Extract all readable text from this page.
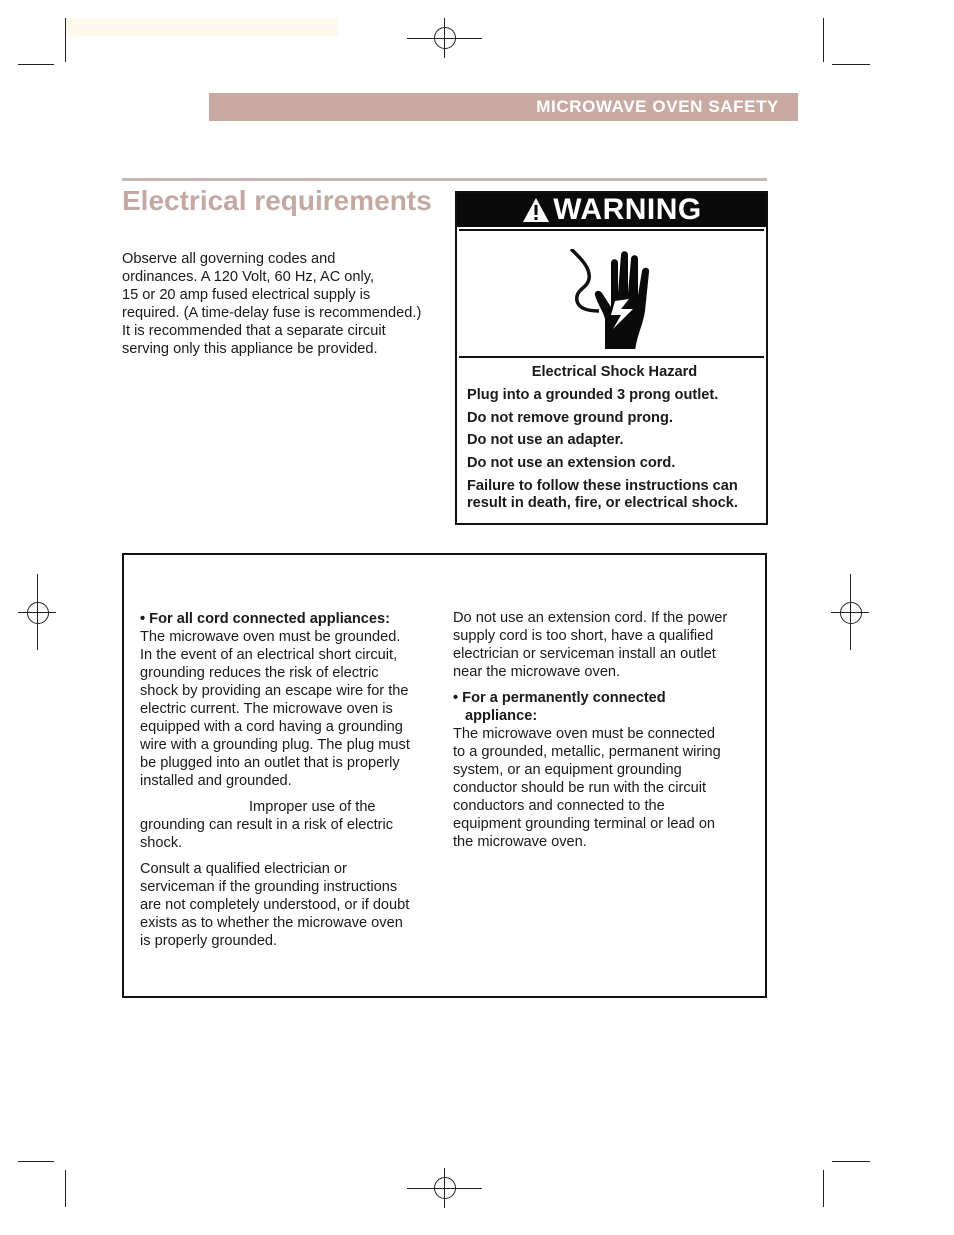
MICROWAVE OVEN SAFETY
Electrical requirements
Observe all governing codes and
ordinances. A 120 Volt, 60 Hz, AC only,
15 or 20 amp fused electrical supply is
required. (A time-delay fuse is recommended.)
It is recommended that a separate circuit
serving only this appliance be provided.
WARNING

Electrical Shock Hazard

Plug into a grounded 3 prong outlet.

Do not remove ground prong.

Do not use an adapter.

Do not use an extension cord.

Failure to follow these instructions can result in death, fire, or electrical shock.

• For all cord connected appliances:
The microwave oven must be grounded.
In the event of an electrical short circuit,
grounding reduces the risk of electric
shock by providing an escape wire for the
electric current. The microwave oven is
equipped with a cord having a grounding
wire with a grounding plug. The plug must
be plugged into an outlet that is properly
installed and grounded.

Improper use of the
grounding can result in a risk of electric
shock.

Consult a qualified electrician or
serviceman if the grounding instructions
are not completely understood, or if doubt
exists as to whether the microwave oven
is properly grounded.

Do not use an extension cord. If the power
supply cord is too short, have a qualified
electrician or serviceman install an outlet
near the microwave oven.

• For a permanently connected
appliance:
The microwave oven must be connected
to a grounded, metallic, permanent wiring
system, or an equipment grounding
conductor should be run with the circuit
conductors and connected to the
equipment grounding terminal or lead on
the microwave oven.
